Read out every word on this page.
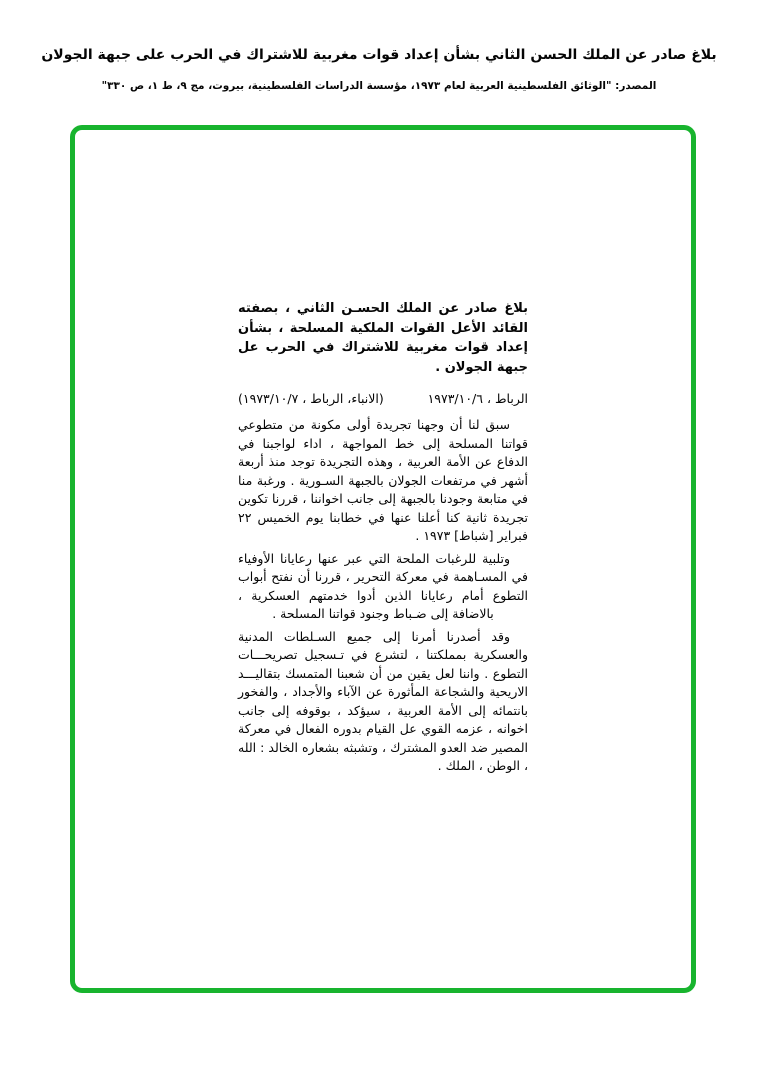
بلاغ صادر عن الملك الحسن الثاني بشأن إعداد قوات مغربية للاشتراك في الحرب على جبهة الجولان
المصدر: "الوثائق الفلسطينية العربية لعام ١٩٧٣، مؤسسة الدراسات الفلسطينية، بيروت، مج ٩، ط ١، ص ٣٣٠"
بلاغ صادر عن الملك الحسـن الثاني ، بصفته القائد الأعل القوات الملكية المسلحة ، بشأن إعداد قوات مغربية للاشتراك في الحرب عل جبهة الجولان .
الرباط ، ١٩٧٣/١٠/٦
(الانباء، الرباط ، ١٩٧٣/١٠/٧)

سبق لنا أن وجهنا تجريدة أولى مكونة من متطوعي قواتنا المسلحة إلى خط المواجهة ، اداء لواجبنا في الدفاع عن الأمة العربية ، وهذه التجريدة توجد منذ أربعة أشهر في مرتفعات الجولان بالجبهة السـورية . ورغبة منا في متابعة وجودنا بالجبهة إلى جانب اخواننا ، قررنا تكوين تجريدة ثانية كنا أعلنا عنها في خطابنا يوم الخميس ٢٢ فبراير [شباط] ١٩٧٣ .

وتلبية للرغبات الملحة التي عبر عنها رعايانا الأوفياء في المسـاهمة في معركة التحرير ، قررنا أن نفتح أبواب التطوع أمام رعايانا الذين أدوا خدمتهم العسكرية ، بالاضافة إلى ضـباط وجنود قواتنا المسلحة .

وقد أصدرنا أمرنا إلى جميع السـلطات المدنية والعسكرية بمملكتنا ، لتشرع في تـسجيل تصريحـــات التطوع . واننا لعل يقين من أن شعبنا المتمسك بتقاليـــد الاريحية والشجاعة المأثورة عن الآباء والأجداد ، والفخور بانتمائه إلى الأمة العربية ، سيؤكد ، بوقوفه إلى جانب اخوانه ، عزمه القوي عل القيام بدوره الفعال في معركة المصير ضد العدو المشترك ، وتشبثه بشعاره الخالد : الله ، الوطن ، الملك .
